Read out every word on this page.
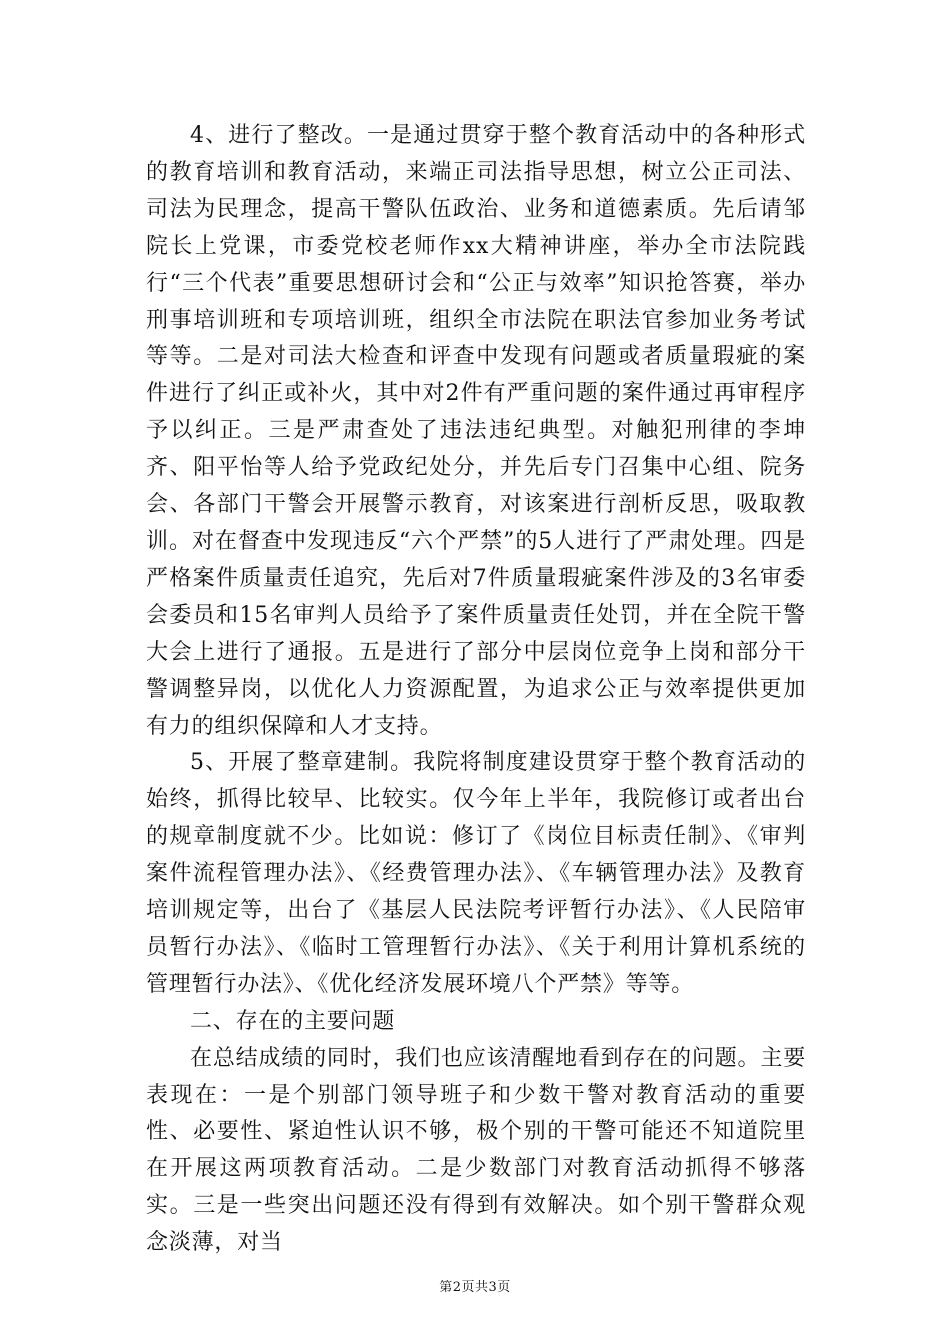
4、进行了整改。一是通过贯穿于整个教育活动中的各种形式的教育培训和教育活动，来端正司法指导思想，树立公正司法、司法为民理念，提高干警队伍政治、业务和道德素质。先后请邹院长上党课，市委党校老师作xx大精神讲座，举办全市法院践行“三个代表”重要思想研讨会和“公正与效率”知识抢答赛，举办刑事培训班和专项培训班，组织全市法院在职法官参加业务考试等等。二是对司法大检查和评查中发现有问题或者质量瑕疵的案件进行了纠正或补火，其中对2件有严重问题的案件通过再审程序予以纠正。三是严肃查处了违法违纪典型。对触犯刑律的李坤齐、阳平怡等人给予党政纪处分，并先后专门召集中心组、院务会、各部门干警会开展警示教育，对该案进行剖析反思，吸取教训。对在督查中发现违反“六个严禁”的5人进行了严肃处理。四是严格案件质量责任追究，先后对7件质量瑕疵案件涉及的3名审委会委员和15名审判人员给予了案件质量责任处罚，并在全院干警大会上进行了通报。五是进行了部分中层岗位竞争上岗和部分干警调整异岗，以优化人力资源配置，为追求公正与效率提供更加有力的组织保障和人才支持。

5、开展了整章建制。我院将制度建设贯穿于整个教育活动的始终，抓得比较早、比较实。仅今年上半年，我院修订或者出台的规章制度就不少。比如说：修订了《岗位目标责任制》、《审判案件流程管理办法》、《经费管理办法》、《车辆管理办法》及教育培训规定等，出台了《基层人民法院考评暂行办法》、《人民陪审员暂行办法》、《临时工管理暂行办法》、《关于利用计算机系统的管理暂行办法》、《优化经济发展环境八个严禁》等等。

二、存在的主要问题

在总结成绩的同时，我们也应该清醒地看到存在的问题。主要表现在：一是个别部门领导班子和少数干警对教育活动的重要性、必要性、紧迫性认识不够，极个别的干警可能还不知道院里在开展这两项教育活动。二是少数部门对教育活动抓得不够落实。三是一些突出问题还没有得到有效解决。如个别干警群众观念淡薄，对当

第2页共3页
